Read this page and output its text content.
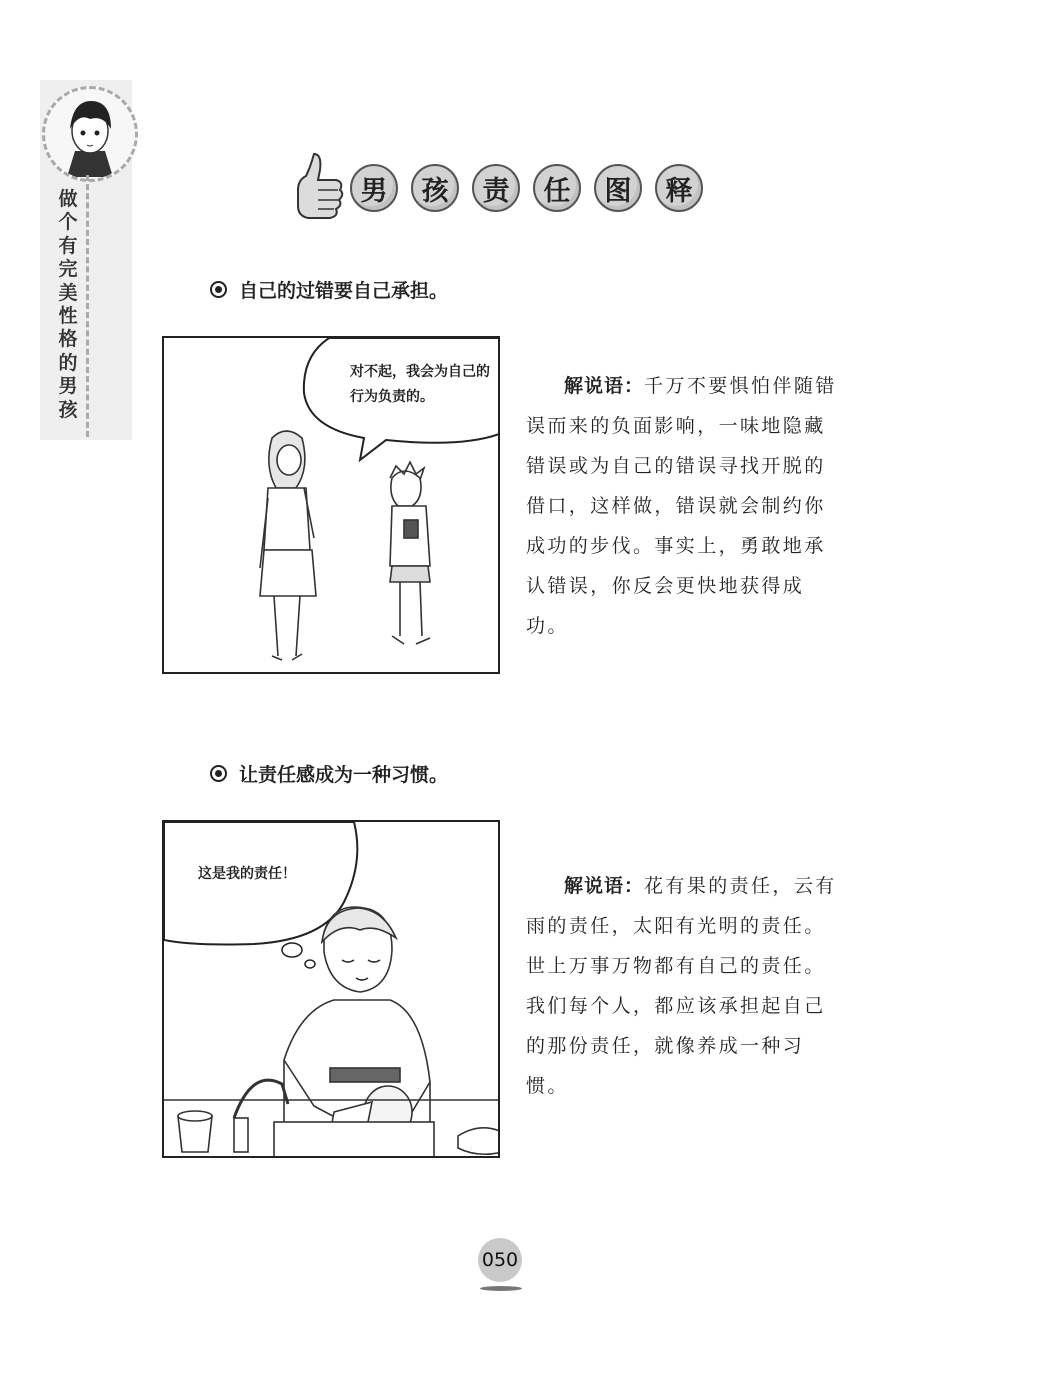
做个有完美性格的男孩
男	孩	责	任	图	释
自己的过错要自己承担。
对不起，我会为自己的行为负责的。	解说语：千万不要惧怕伴随错误而来的负面影响，一味地隐藏错误或为自己的错误寻找开脱的借口，这样做，错误就会制约你成功的步伐。事实上，勇敢地承认错误，你反会更快地获得成功。
让责任感成为一种习惯。
这是我的责任！
解说语：花有果的责任，云有雨的责任，太阳有光明的责任。世上万事万物都有自己的责任。我们每个人，都应该承担起自己的那份责任，就像养成一种习惯。
050
